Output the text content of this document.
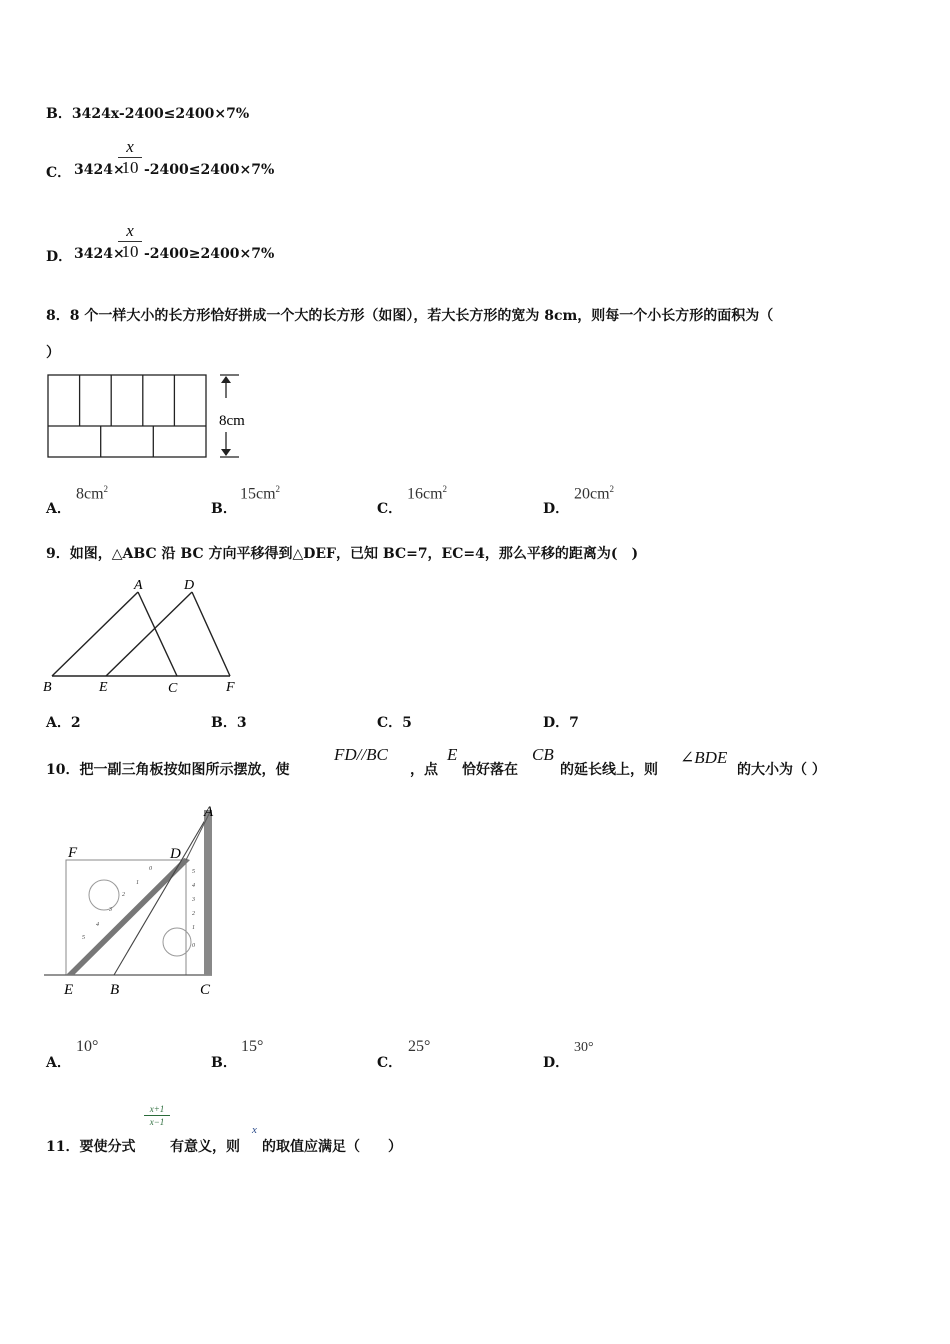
B．3424x-2400≤2400×7%
C． 3424×
x
10 -2400≤2400×7%
D． 3424×
x
10 -2400≥2400×7%
8．8 个一样大小的长方形恰好拼成一个大的长方形（如图），若大长方形的宽为 8cm，则每一个小长方形的面积为（
）
8cm
A．
$8cm^2$
B．
$15cm^2$
C．
$16cm^2$
D．
$20cm^2$
9．如图，△ABC 沿 BC 方向平移得到△DEF，已知 BC=7，EC=4，那么平移的距离为(　)
A	D
B	E	C	F
A．2	B．3	C．5	D．7
10．把一副三角板按如图所示摆放，使
FD//BC
，点
E
恰好落在
CB
的延长线上，则
∠BDE
的大小为（ ）
0
1
2
3
4
5
5
4
3
2
1
0
A
F	D
E B	C
A．
10°
B．
15°
C．
25°
D．
30°
11．要使分式
x+1
x−1
有意义，则
x
的取值应满足（　　）
